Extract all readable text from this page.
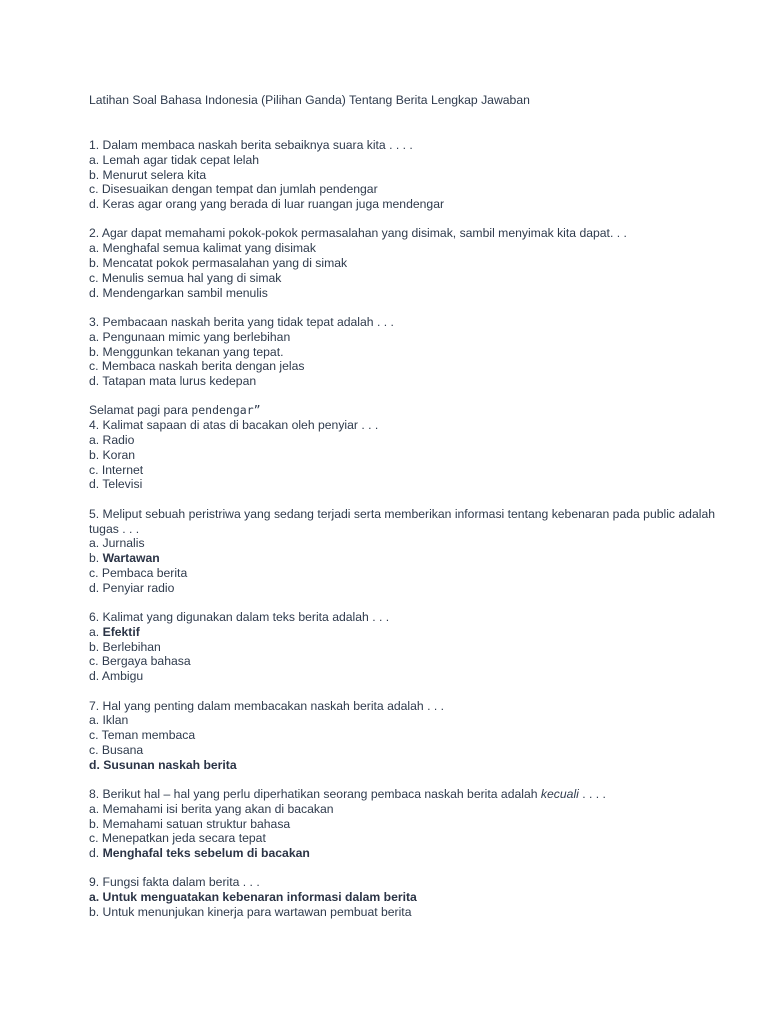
Latihan Soal Bahasa Indonesia (Pilihan Ganda) Tentang Berita Lengkap Jawaban
1. Dalam membaca naskah berita sebaiknya suara kita . . . .
a. Lemah agar tidak cepat lelah
b. Menurut selera kita
c. Disesuaikan dengan tempat dan jumlah pendengar
d. Keras agar orang yang berada di luar ruangan juga mendengar
2. Agar dapat memahami pokok-pokok permasalahan yang disimak, sambil menyimak kita dapat. . .
a. Menghafal semua kalimat yang disimak
b. Mencatat pokok permasalahan yang di simak
c. Menulis semua hal yang di simak
d. Mendengarkan sambil menulis
3. Pembacaan naskah berita yang tidak tepat adalah . . .
a. Pengunaan mimic yang berlebihan
b. Menggunkan tekanan yang tepat.
c. Membaca naskah berita dengan jelas
d. Tatapan mata lurus kedepan
Selamat pagi para pendengar”
4. Kalimat sapaan di atas di bacakan oleh penyiar . . .
a. Radio
b. Koran
c. Internet
d. Televisi
5. Meliput sebuah peristriwa yang sedang terjadi serta memberikan informasi tentang kebenaran pada public adalah tugas . . .
a. Jurnalis
b. Wartawan
c. Pembaca berita
d. Penyiar radio
6. Kalimat yang digunakan dalam teks berita adalah . . .
a. Efektif
b. Berlebihan
c. Bergaya bahasa
d. Ambigu
7. Hal yang penting dalam membacakan naskah berita adalah . . .
a. Iklan
c. Teman membaca
c. Busana
d. Susunan naskah berita
8. Berikut hal – hal yang perlu diperhatikan seorang pembaca naskah berita adalah kecuali . . . .
a. Memahami isi berita yang akan di bacakan
b. Memahami satuan struktur bahasa
c. Menepatkan jeda secara tepat
d. Menghafal teks sebelum di bacakan
9. Fungsi fakta dalam berita . . .
a. Untuk menguatakan kebenaran informasi dalam berita
b. Untuk menunjukan kinerja para wartawan pembuat berita
